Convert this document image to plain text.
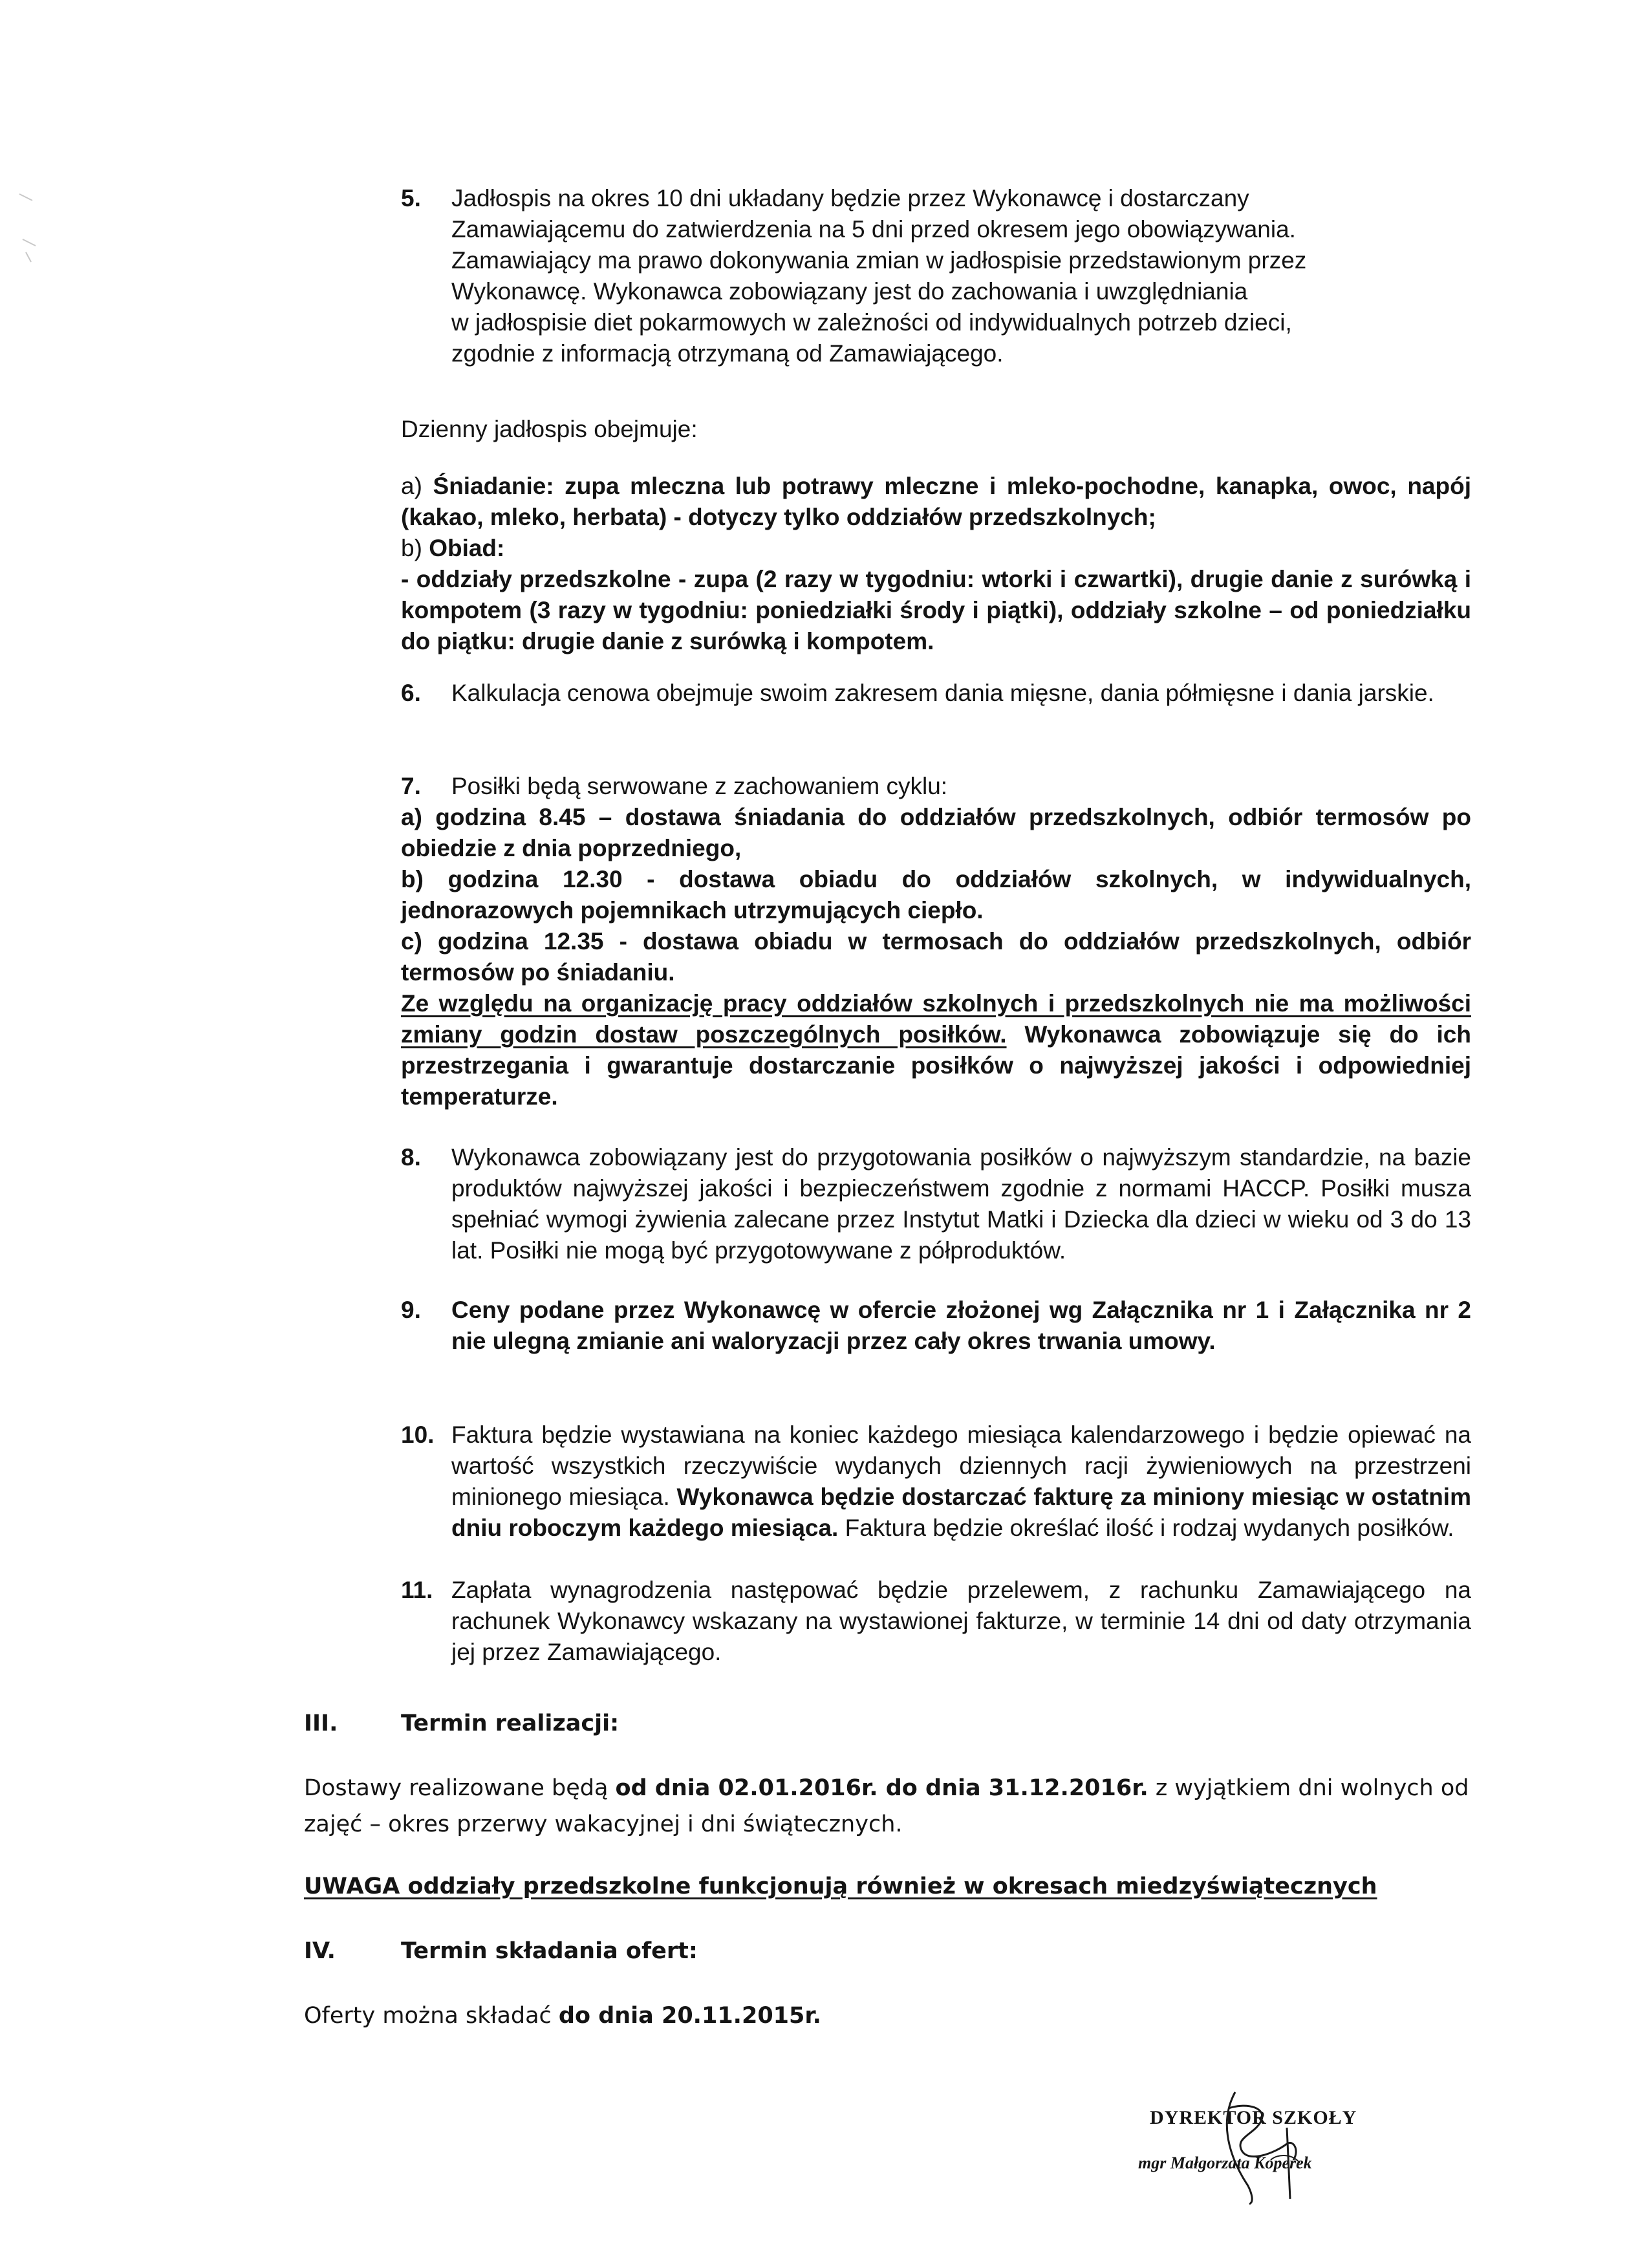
5. Jadłospis na okres 10 dni układany będzie przez Wykonawcę i dostarczany
Zamawiającemu do zatwierdzenia na 5 dni przed okresem jego obowiązywania.
Zamawiający ma prawo dokonywania zmian w jadłospisie przedstawionym przez
Wykonawcę. Wykonawca zobowiązany jest do zachowania i uwzględniania
w jadłospisie diet pokarmowych w zależności od indywidualnych potrzeb dzieci,
zgodnie z informacją otrzymaną od Zamawiającego.
Dzienny jadłospis obejmuje:
a) Śniadanie: zupa mleczna lub potrawy mleczne i mleko-pochodne, kanapka, owoc, napój (kakao, mleko, herbata) - dotyczy tylko oddziałów przedszkolnych;
b) Obiad:
- oddziały przedszkolne - zupa (2 razy w tygodniu: wtorki i czwartki), drugie danie z surówką i kompotem (3 razy w tygodniu: poniedziałki środy i piątki), oddziały szkolne – od poniedziałku do piątku: drugie danie z surówką i kompotem.
6. Kalkulacja cenowa obejmuje swoim zakresem dania mięsne, dania półmięsne i dania jarskie.
7. Posiłki będą serwowane z zachowaniem cyklu:
a) godzina 8.45 – dostawa śniadania do oddziałów przedszkolnych, odbiór termosów po obiedzie z dnia poprzedniego,
b) godzina 12.30 - dostawa obiadu do oddziałów szkolnych, w indywidualnych, jednorazowych pojemnikach utrzymujących ciepło.
c) godzina 12.35 - dostawa obiadu w termosach do oddziałów przedszkolnych, odbiór termosów po śniadaniu.
Ze względu na organizację pracy oddziałów szkolnych i przedszkolnych nie ma możliwości zmiany godzin dostaw poszczególnych posiłków. Wykonawca zobowiązuje się do ich przestrzegania i gwarantuje dostarczanie posiłków o najwyższej jakości i odpowiedniej temperaturze.
8. Wykonawca zobowiązany jest do przygotowania posiłków o najwyższym standardzie, na bazie produktów najwyższej jakości i bezpieczeństwem zgodnie z normami HACCP. Posiłki musza spełniać wymogi żywienia zalecane przez Instytut Matki i Dziecka dla dzieci w wieku od 3 do 13 lat. Posiłki nie mogą być przygotowywane z półproduktów.
9. Ceny podane przez Wykonawcę w ofercie złożonej wg Załącznika nr 1 i Załącznika nr 2 nie ulegną zmianie ani waloryzacji przez cały okres trwania umowy.
10. Faktura będzie wystawiana na koniec każdego miesiąca kalendarzowego i będzie opiewać na wartość wszystkich rzeczywiście wydanych dziennych racji żywieniowych na przestrzeni minionego miesiąca. Wykonawca będzie dostarczać fakturę za miniony miesiąc w ostatnim dniu roboczym każdego miesiąca. Faktura będzie określać ilość i rodzaj wydanych posiłków.
11. Zapłata wynagrodzenia następować będzie przelewem, z rachunku Zamawiającego na rachunek Wykonawcy wskazany na wystawionej fakturze, w terminie 14 dni od daty otrzymania jej przez Zamawiającego.
III.	Termin realizacji:
Dostawy realizowane będą od dnia 02.01.2016r. do dnia 31.12.2016r. z wyjątkiem dni wolnych od
zajęć – okres przerwy wakacyjnej i dni świątecznych.
UWAGA oddziały przedszkolne funkcjonują również w okresach miedzyświątecznych
IV.	Termin składania ofert:
Oferty można składać do dnia 20.11.2015r.
DYREKTOR SZKOŁY
mgr Małgorzata Koperek
